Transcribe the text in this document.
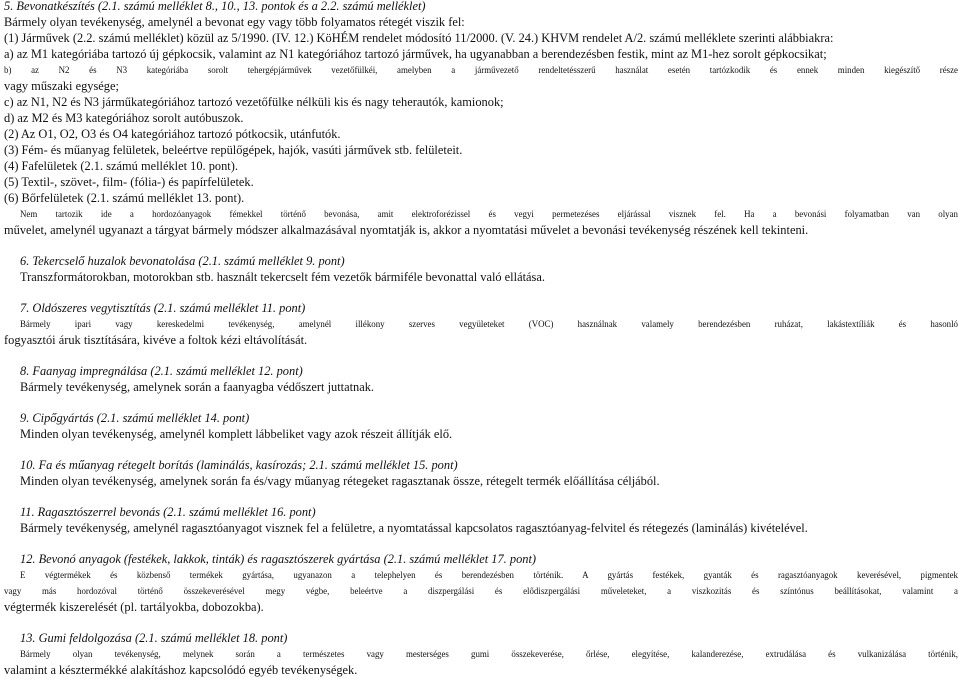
5. Bevonatkészítés (2.1. számú melléklet 8., 10., 13. pontok és a 2.2. számú melléklet)
Bármely olyan tevékenység, amelynél a bevonat egy vagy több folyamatos rétegét viszik fel:
(1) Járművek (2.2. számú melléklet) közül az 5/1990. (IV. 12.) KöHÉM rendelet módosító 11/2000. (V. 24.) KHVM rendelet A/2. számú melléklete szerinti alábbiakra:
a) az M1 kategóriába tartozó új gépkocsik, valamint az N1 kategóriához tartozó járművek, ha ugyanabban a berendezésben festik, mint az M1-hez sorolt gépkocsikat;
b) az N2 és N3 kategóriába sorolt tehergépjárművek vezetőfülkéi, amelyben a járművezető rendeltetésszerű használat esetén tartózkodik és ennek minden kiegészítő része
vagy műszaki egysége;
c) az N1, N2 és N3 járműkategóriához tartozó vezetőfülke nélküli kis és nagy teherautók, kamionok;
d) az M2 és M3 kategóriához sorolt autóbuszok.
(2) Az O1, O2, O3 és O4 kategóriához tartozó pótkocsik, utánfutók.
(3) Fém- és műanyag felületek, beleértve repülőgépek, hajók, vasúti járművek stb. felületeit.
(4) Fafelületek (2.1. számú melléklet 10. pont).
(5) Textil-, szövet-, film- (fólia-) és papírfelületek.
(6) Bőrfelületek (2.1. számú melléklet 13. pont).
Nem tartozik ide a hordozóanyagok fémekkel történő bevonása, amit elektroforézissel és vegyi permetezéses eljárással visznek fel. Ha a bevonási folyamatban van olyan
művelet, amelynél ugyanazt a tárgyat bármely módszer alkalmazásával nyomtatják is, akkor a nyomtatási művelet a bevonási tevékenység részének kell tekinteni.
6. Tekercselő huzalok bevonatolása (2.1. számú melléklet 9. pont)
Transzformátorokban, motorokban stb. használt tekercselt fém vezetők bármiféle bevonattal való ellátása.
7. Oldószeres vegytisztítás (2.1. számú melléklet 11. pont)
Bármely ipari vagy kereskedelmi tevékenység, amelynél illékony szerves vegyületeket (VOC) használnak valamely berendezésben ruházat, lakástextíliák és hasonló
fogyasztói áruk tisztítására, kivéve a foltok kézi eltávolítását.
8. Faanyag impregnálása (2.1. számú melléklet 12. pont)
Bármely tevékenység, amelynek során a faanyagba védőszert juttatnak.
9. Cipőgyártás (2.1. számú melléklet 14. pont)
Minden olyan tevékenység, amelynél komplett lábbeliket vagy azok részeit állítják elő.
10. Fa és műanyag rétegelt borítás (laminálás, kasírozás; 2.1. számú melléklet 15. pont)
Minden olyan tevékenység, amelynek során fa és/vagy műanyag rétegeket ragasztanak össze, rétegelt termék előállítása céljából.
11. Ragasztószerrel bevonás (2.1. számú melléklet 16. pont)
Bármely tevékenység, amelynél ragasztóanyagot visznek fel a felületre, a nyomtatással kapcsolatos ragasztóanyag-felvitel és rétegezés (laminálás) kivételével.
12. Bevonó anyagok (festékek, lakkok, tinták) és ragasztószerek gyártása (2.1. számú melléklet 17. pont)
E végtermékek és közbenső termékek gyártása, ugyanazon a telephelyen és berendezésben történik. A gyártás festékek, gyanták és ragasztóanyagok keverésével, pigmentek
vagy más hordozóval történő összekeverésével megy végbe, beleértve a diszpergálási és elődiszpergálási műveleteket, a viszkozitás és színtónus beállításokat, valamint a
végtermék kiszerelését (pl. tartályokba, dobozokba).
13. Gumi feldolgozása (2.1. számú melléklet 18. pont)
Bármely olyan tevékenység, melynek során a természetes vagy mesterséges gumi összekeverése, őrlése, elegyítése, kalanderezése, extrudálása és vulkanizálása történik,
valamint a késztermékké alakításhoz kapcsolódó egyéb tevékenységek.
